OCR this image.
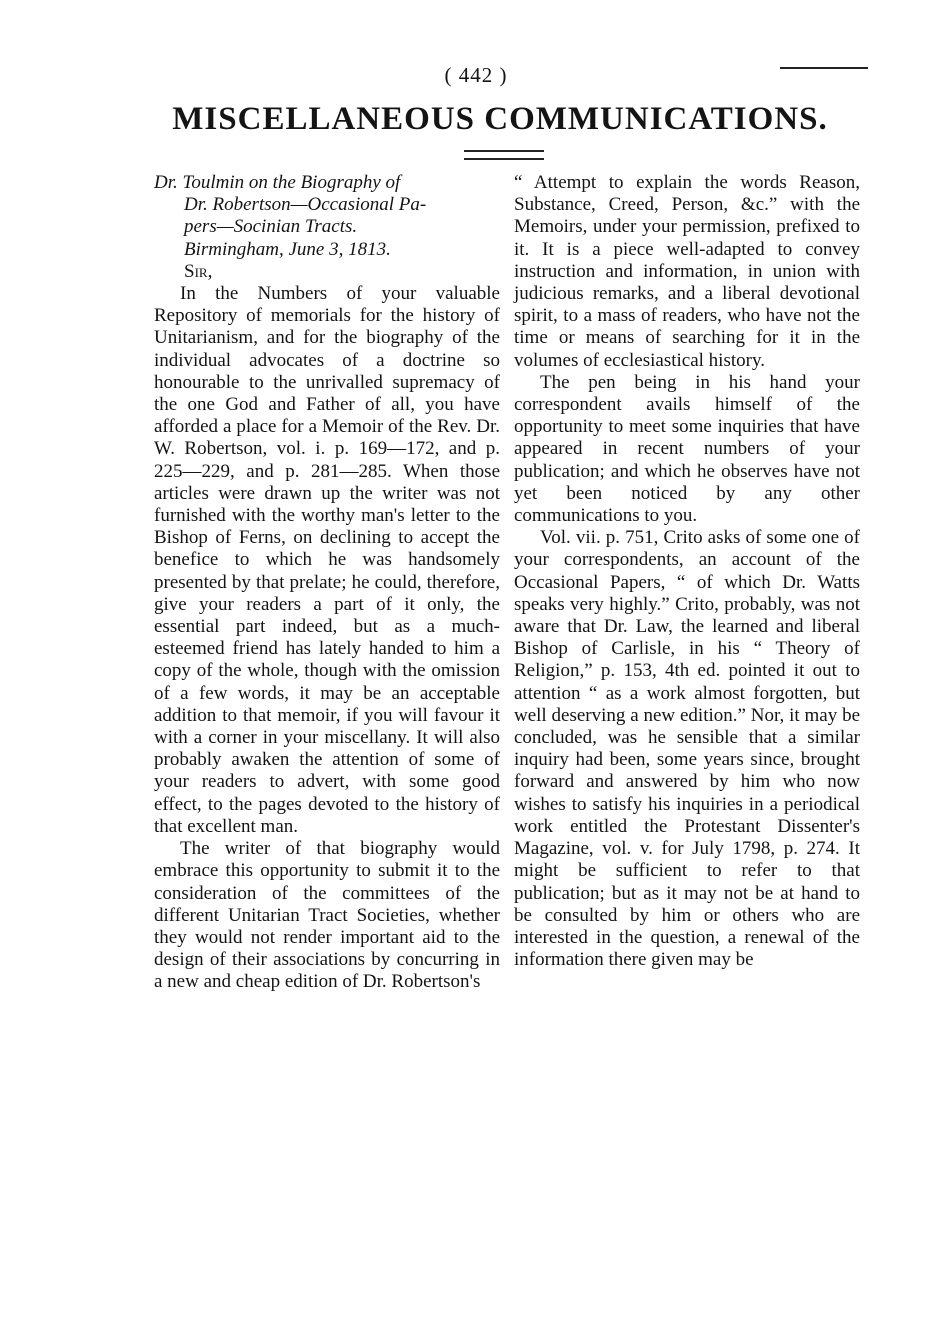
( 442 )
MISCELLANEOUS COMMUNICATIONS.

Dr. Toulmin on the Biography of

Dr. Robertson—Occasional Pa-

pers—Socinian Tracts.

Birmingham, June 3, 1813.

Sir,

In the Numbers of your valuable Repository of memorials for the history of Unitarianism, and for the biography of the individual advocates of a doctrine so honourable to the unrivalled supremacy of the one God and Father of all, you have afforded a place for a Memoir of the Rev. Dr. W. Robertson, vol. i. p. 169—172, and p. 225—229, and p. 281—285. When those articles were drawn up the writer was not furnished with the worthy man's letter to the Bishop of Ferns, on declining to accept the benefice to which he was handsomely presented by that prelate; he could, therefore, give your readers a part of it only, the essential part indeed, but as a much-esteemed friend has lately handed to him a copy of the whole, though with the omission of a few words, it may be an acceptable addition to that memoir, if you will favour it with a corner in your miscellany. It will also probably awaken the attention of some of your readers to advert, with some good effect, to the pages devoted to the history of that excellent man.

The writer of that biography would embrace this opportunity to submit it to the consideration of the committees of the different Unitarian Tract Societies, whether they would not render important aid to the design of their associations by concurring in a new and cheap edition of Dr. Robertson's

“ Attempt to explain the words Reason, Substance, Creed, Person, &c.” with the Memoirs, under your permission, prefixed to it. It is a piece well-adapted to convey instruction and information, in union with judicious remarks, and a liberal devotional spirit, to a mass of readers, who have not the time or means of searching for it in the volumes of ecclesiastical history.

The pen being in his hand your correspondent avails himself of the opportunity to meet some inquiries that have appeared in recent numbers of your publication; and which he observes have not yet been noticed by any other communications to you.

Vol. vii. p. 751, Crito asks of some one of your correspondents, an account of the Occasional Papers, “ of which Dr. Watts speaks very highly.” Crito, probably, was not aware that Dr. Law, the learned and liberal Bishop of Carlisle, in his “ Theory of Religion,” p. 153, 4th ed. pointed it out to attention “ as a work almost forgotten, but well deserving a new edition.” Nor, it may be concluded, was he sensible that a similar inquiry had been, some years since, brought forward and answered by him who now wishes to satisfy his inquiries in a periodical work entitled the Protestant Dissenter's Magazine, vol. v. for July 1798, p. 274. It might be sufficient to refer to that publication; but as it may not be at hand to be consulted by him or others who are interested in the question, a renewal of the information there given may be
